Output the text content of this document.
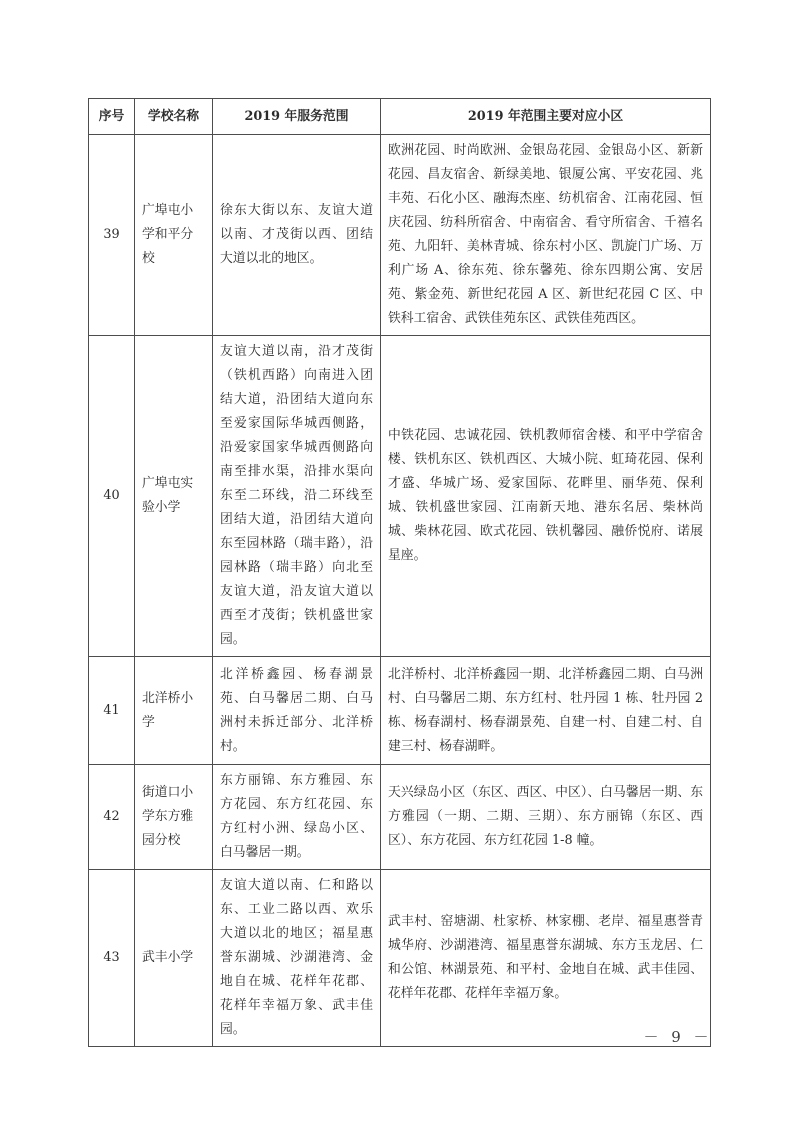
序号	学校名称	2019 年服务范围	2019 年范围主要对应小区
39	广埠屯小学和平分校	徐东大街以东、友谊大道以南、才茂街以西、团结大道以北的地区。	欧洲花园、时尚欧洲、金银岛花园、金银岛小区、新新花园、昌友宿舍、新绿美地、银厦公寓、平安花园、兆丰苑、石化小区、融海杰座、纺机宿舍、江南花园、恒庆花园、纺科所宿舍、中南宿舍、看守所宿舍、千禧名苑、九阳轩、美林青城、徐东村小区、凯旋门广场、万利广场 A、徐东苑、徐东馨苑、徐东四期公寓、安居苑、紫金苑、新世纪花园 A 区、新世纪花园 C 区、中铁科工宿舍、武铁佳苑东区、武铁佳苑西区。
40	广埠屯实验小学	友谊大道以南，沿才茂街（铁机西路）向南进入团结大道，沿团结大道向东至爱家国际华城西侧路，沿爱家国家华城西侧路向南至排水渠，沿排水渠向东至二环线，沿二环线至团结大道，沿团结大道向东至园林路（瑞丰路），沿园林路（瑞丰路）向北至友谊大道，沿友谊大道以西至才茂街；铁机盛世家园。	中铁花园、忠诚花园、铁机教师宿舍楼、和平中学宿舍楼、铁机东区、铁机西区、大城小院、虹琦花园、保利才盛、华城广场、爱家国际、花畔里、丽华苑、保利城、铁机盛世家园、江南新天地、港东名居、柴林尚城、柴林花园、欧式花园、铁机馨园、融侨悦府、诺展星座。
41	北洋桥小学	北洋桥鑫园、杨春湖景苑、白马馨居二期、白马洲村未拆迁部分、北洋桥村。	北洋桥村、北洋桥鑫园一期、北洋桥鑫园二期、白马洲村、白马馨居二期、东方红村、牡丹园 1 栋、牡丹园 2 栋、杨春湖村、杨春湖景苑、自建一村、自建二村、自建三村、杨春湖畔。
42	街道口小学东方雅园分校	东方丽锦、东方雅园、东方花园、东方红花园、东方红村小洲、绿岛小区、白马馨居一期。	天兴绿岛小区（东区、西区、中区）、白马馨居一期、东方雅园（一期、二期、三期）、东方丽锦（东区、西区）、东方花园、东方红花园 1-8 幢。
43	武丰小学	友谊大道以南、仁和路以东、工业二路以西、欢乐大道以北的地区；福星惠誉东湖城、沙湖港湾、金地自在城、花样年花郡、花样年幸福万象、武丰佳园。	武丰村、窑塘湖、杜家桥、林家棚、老岸、福星惠誉青城华府、沙湖港湾、福星惠誉东湖城、东方玉龙居、仁和公馆、林湖景苑、和平村、金地自在城、武丰佳园、花样年花郡、花样年幸福万象。
－ 9 －
